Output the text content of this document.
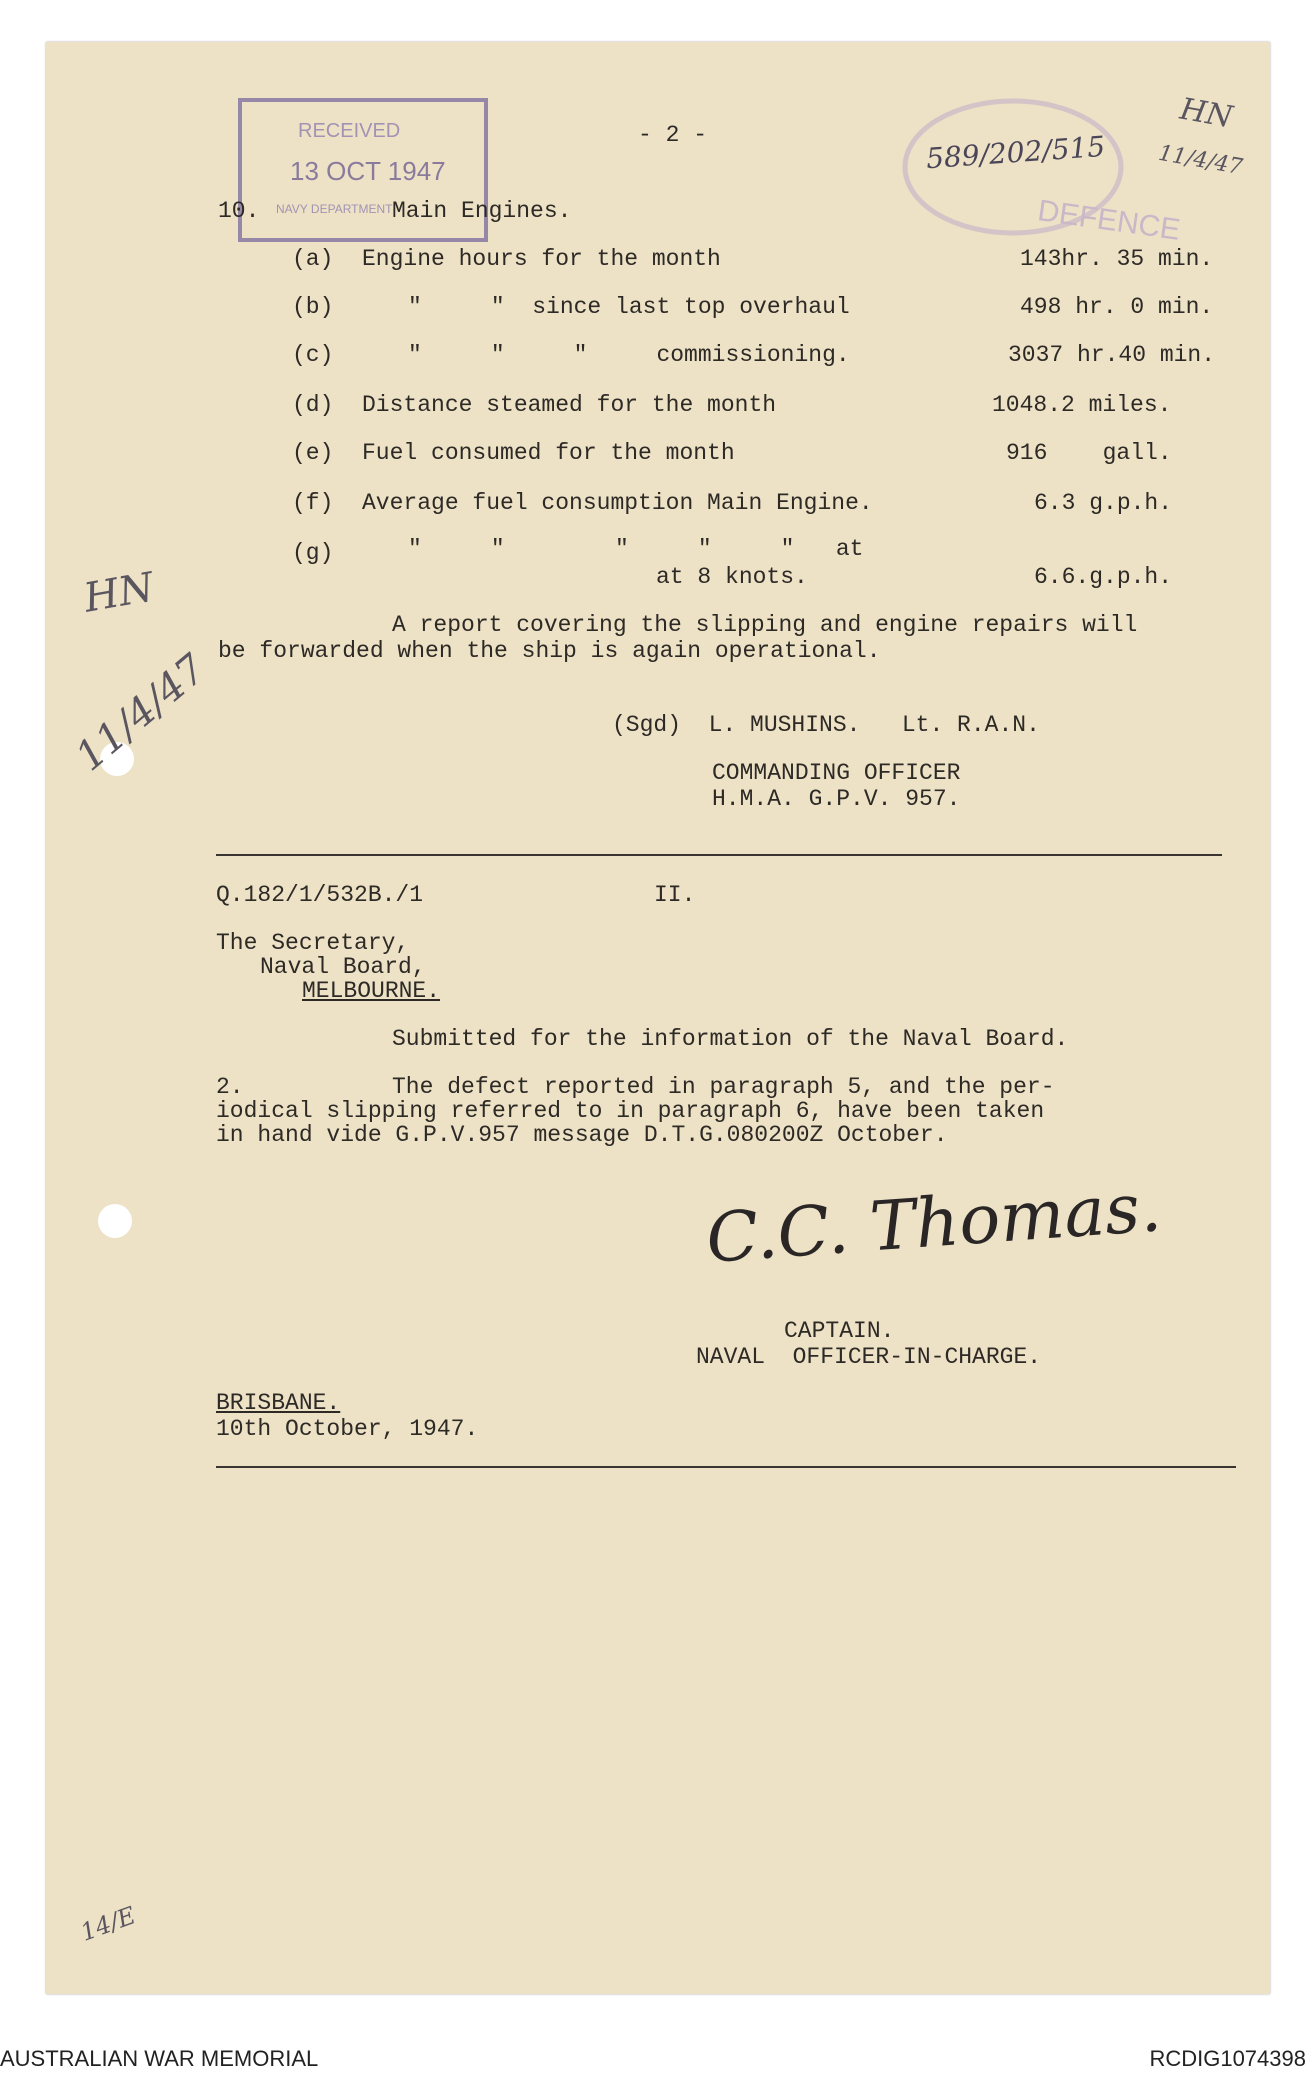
RECEIVED
13 OCT 1947
NAVY DEPARTMENT	DEFENCE
589/202/515
HN
11/4/47
HN
11/4/47
14/E
- 2 -
10.	Main Engines.
(a) Engine hours for the month	143hr. 35 min.
(b)	"     "  since last top overhaul	498 hr. 0 min.
(c)	"     "     "     commissioning.	3037 hr.40 min.
(d) Distance steamed for the month	1048.2 miles.
(e) Fuel consumed for the month	916    gall.
(f) Average fuel consumption Main Engine.	6.3 g.p.h.
(g)	"     "        "     "     "   at
at 8 knots.	6.6.g.p.h.
A report covering the slipping and engine repairs will
be forwarded when the ship is again operational.
(Sgd)  L. MUSHINS.   Lt. R.A.N.
COMMANDING OFFICER
H.M.A. G.P.V. 957.
Q.182/1/532B./1	II.
The Secretary,
Naval Board,
MELBOURNE.
Submitted for the information of the Naval Board.
2.	The defect reported in paragraph 5, and the per-
iodical slipping referred to in paragraph 6, have been taken
in hand vide G.P.V.957 message D.T.G.080200Z October.
C.C. Thomas.
CAPTAIN.
NAVAL  OFFICER-IN-CHARGE.
BRISBANE.
10th October, 1947.
AUSTRALIAN WAR MEMORIAL	RCDIG1074398
